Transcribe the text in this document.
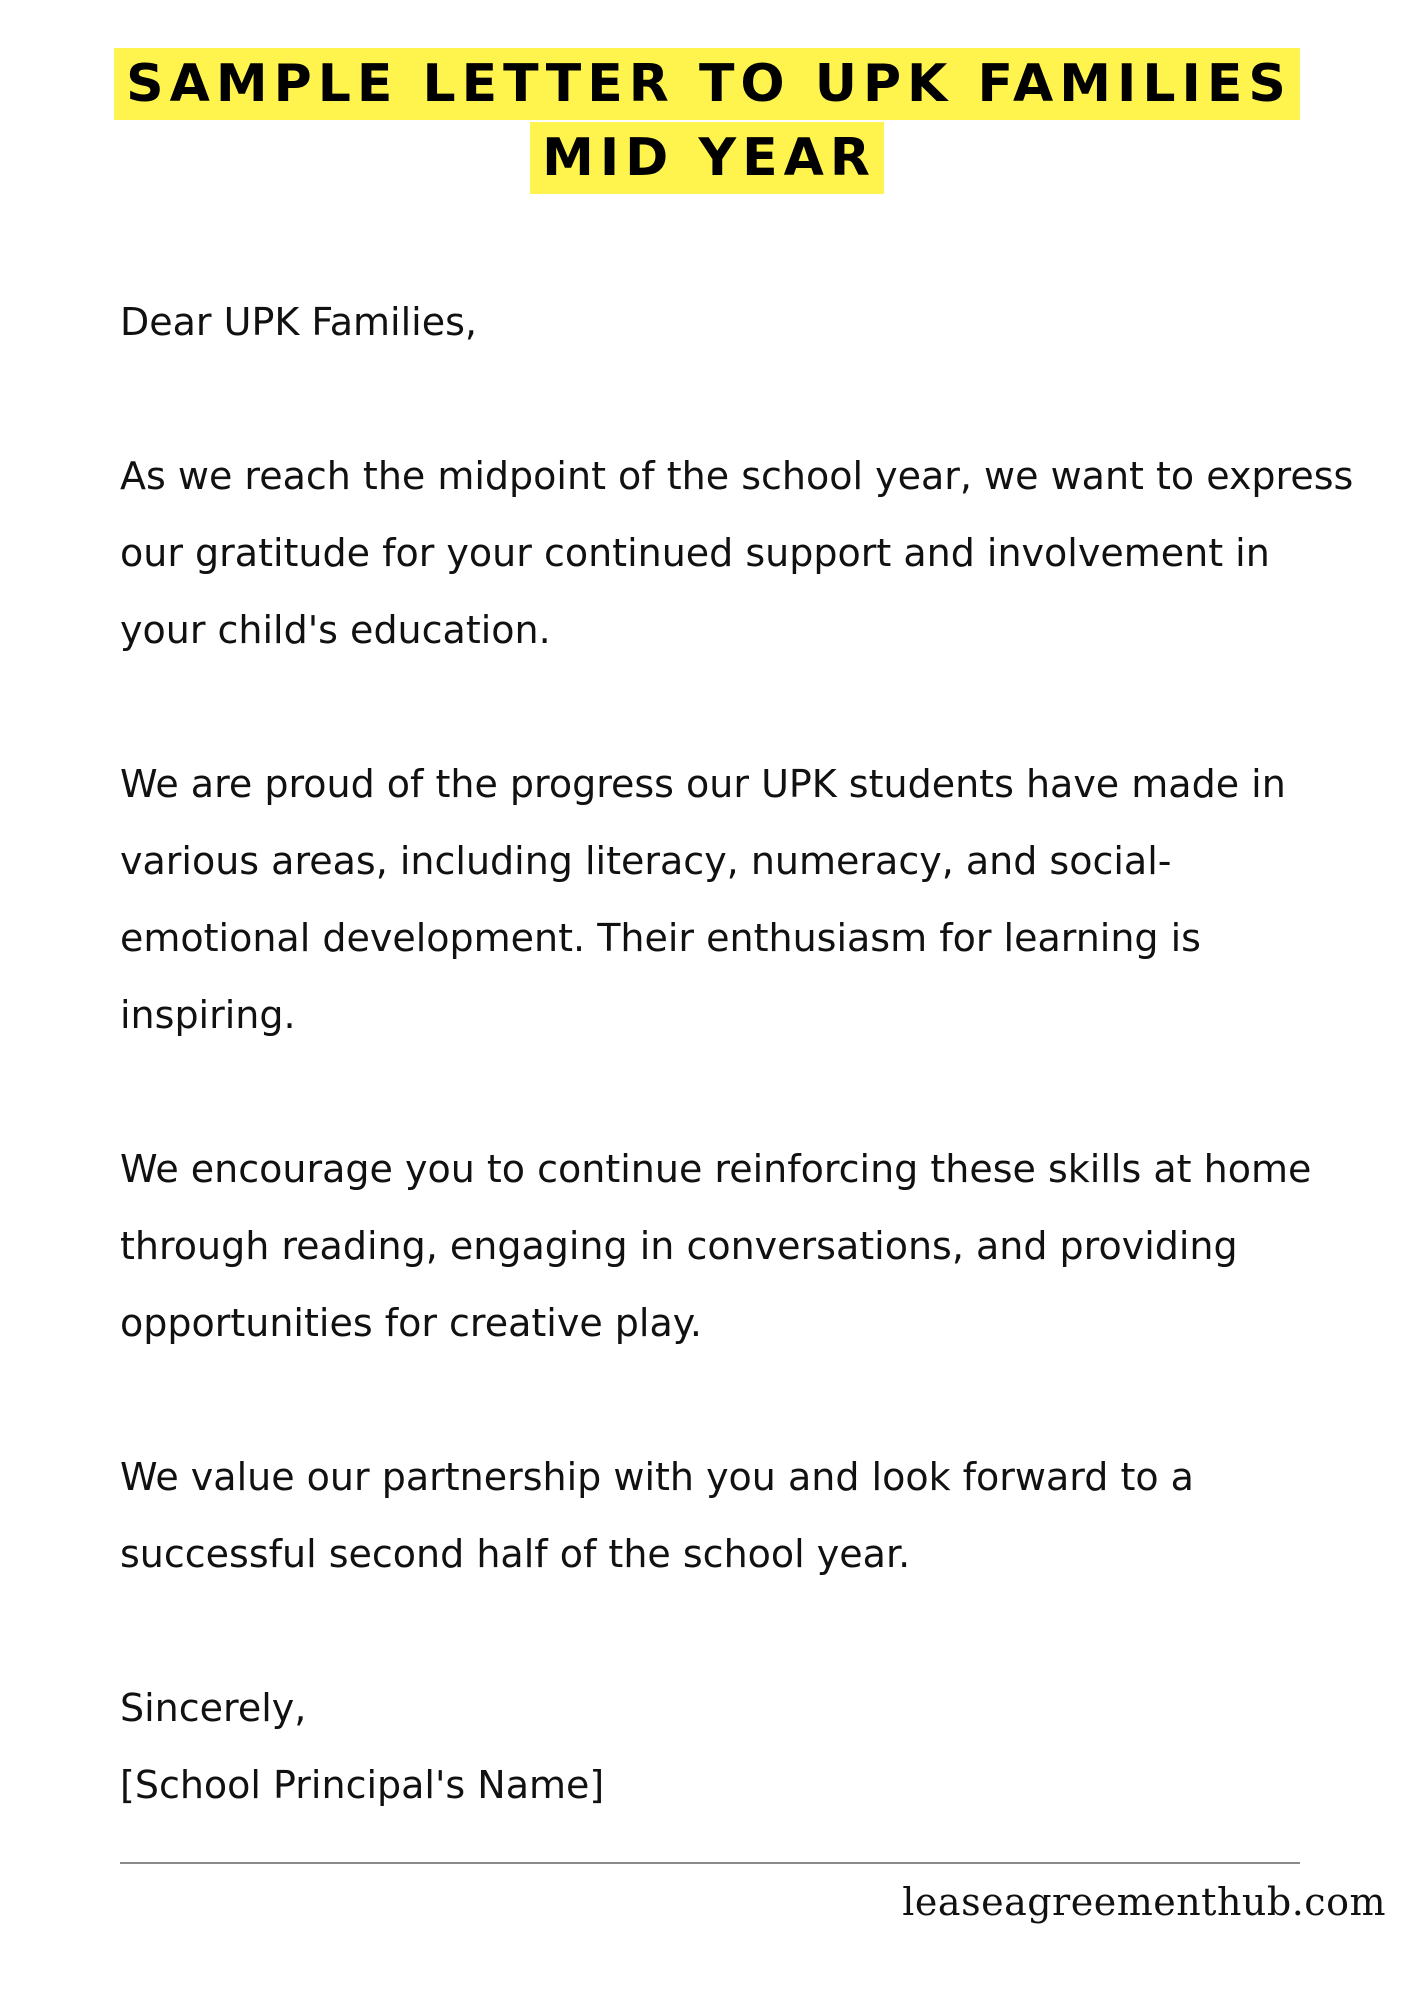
SAMPLE LETTER TO UPK FAMILIES
MID YEAR

Dear UPK Families,

As we reach the midpoint of the school year, we want to express our gratitude for your continued support and involvement in your child's education.

We are proud of the progress our UPK students have made in various areas, including literacy, numeracy, and social-emotional development. Their enthusiasm for learning is inspiring.

We encourage you to continue reinforcing these skills at home through reading, engaging in conversations, and providing opportunities for creative play.

We value our partnership with you and look forward to a successful second half of the school year.

Sincerely,
[School Principal's Name]

leaseagreementhub.com
